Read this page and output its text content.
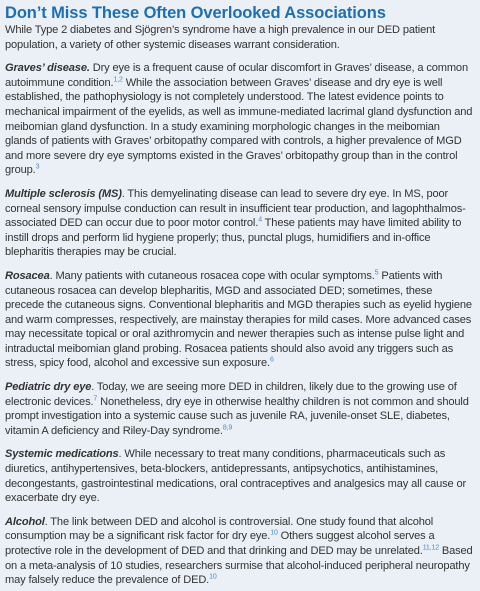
Don’t Miss These Often Overlooked Associations

While Type 2 diabetes and Sjögren’s syndrome have a high prevalence in our DED patient population, a variety of other systemic diseases warrant consideration.

Graves’ disease. Dry eye is a frequent cause of ocular discomfort in Graves’ disease, a common autoimmune condition.$^{1,2}$ While the association between Graves’ disease and dry eye is well established, the pathophysiology is not completely understood. The latest evidence points to mechanical impairment of the eyelids, as well as immune-mediated lacrimal gland dysfunction and meibomian gland dysfunction. In a study examining morphologic changes in the meibomian glands of patients with Graves’ orbitopathy compared with controls, a higher prevalence of MGD and more severe dry eye symptoms existed in the Graves’ orbitopathy group than in the control group.$^3$

Multiple sclerosis (MS). This demyelinating disease can lead to severe dry eye. In MS, poor corneal sensory impulse conduction can result in insufficient tear production, and lagophthalmos-associated DED can occur due to poor motor control.$^4$ These patients may have limited ability to instill drops and perform lid hygiene properly; thus, punctal plugs, humidifiers and in-office blepharitis therapies may be crucial.

Rosacea. Many patients with cutaneous rosacea cope with ocular symptoms.$^5$ Patients with cutaneous rosacea can develop blepharitis, MGD and associated DED; sometimes, these precede the cutaneous signs. Conventional blepharitis and MGD therapies such as eyelid hygiene and warm compresses, respectively, are mainstay therapies for mild cases. More advanced cases may necessitate topical or oral azithromycin and newer therapies such as intense pulse light and intraductal meibomian gland probing. Rosacea patients should also avoid any triggers such as stress, spicy food, alcohol and excessive sun exposure.$^6$

Pediatric dry eye. Today, we are seeing more DED in children, likely due to the growing use of electronic devices.$^7$ Nonetheless, dry eye in otherwise healthy children is not common and should prompt investigation into a systemic cause such as juvenile RA, juvenile-onset SLE, diabetes, vitamin A deficiency and Riley-Day syndrome.$^{8,9}$

Systemic medications. While necessary to treat many conditions, pharmaceuticals such as diuretics, antihypertensives, beta-blockers, antidepressants, antipsychotics, antihistamines, decongestants, gastrointestinal medications, oral contraceptives and analgesics may all cause or exacerbate dry eye.

Alcohol. The link between DED and alcohol is controversial. One study found that alcohol consumption may be a significant risk factor for dry eye.$^{10}$ Others suggest alcohol serves a protective role in the development of DED and that drinking and DED may be unrelated.$^{11,12}$ Based on a meta-analysis of 10 studies, researchers surmise that alcohol-induced peripheral neuropathy may falsely reduce the prevalence of DED.$^{10}$
